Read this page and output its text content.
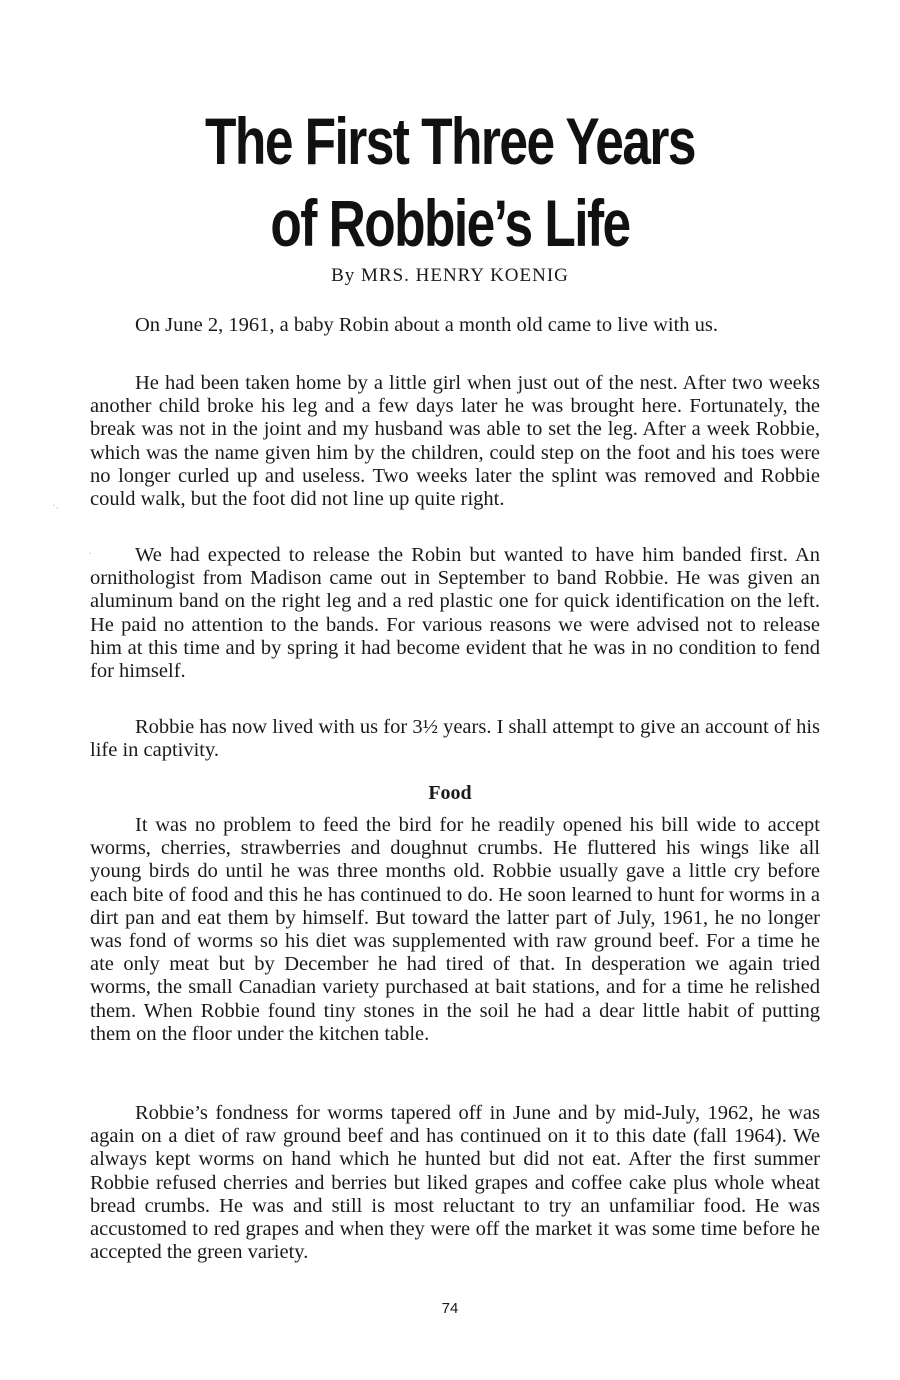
The First Three Years
of Robbie’s Life

By MRS. HENRY KOENIG

On June 2, 1961, a baby Robin about a month old came to live with us.

He had been taken home by a little girl when just out of the nest. After two weeks another child broke his leg and a few days later he was brought here. Fortunately, the break was not in the joint and my husband was able to set the leg. After a week Robbie, which was the name given him by the children, could step on the foot and his toes were no longer curled up and useless. Two weeks later the splint was removed and Robbie could walk, but the foot did not line up quite right.

We had expected to release the Robin but wanted to have him banded first. An ornithologist from Madison came out in September to band Robbie. He was given an aluminum band on the right leg and a red plastic one for quick identification on the left. He paid no attention to the bands. For various reasons we were advised not to release him at this time and by spring it had become evident that he was in no condition to fend for himself.

Robbie has now lived with us for 3½ years. I shall attempt to give an account of his life in captivity.

Food

It was no problem to feed the bird for he readily opened his bill wide to accept worms, cherries, strawberries and doughnut crumbs. He fluttered his wings like all young birds do until he was three months old. Robbie usually gave a little cry before each bite of food and this he has continued to do. He soon learned to hunt for worms in a dirt pan and eat them by himself. But toward the latter part of July, 1961, he no longer was fond of worms so his diet was supplemented with raw ground beef. For a time he ate only meat but by December he had tired of that. In desperation we again tried worms, the small Canadian variety purchased at bait stations, and for a time he relished them. When Robbie found tiny stones in the soil he had a dear little habit of putting them on the floor under the kitchen table.

Robbie’s fondness for worms tapered off in June and by mid-July, 1962, he was again on a diet of raw ground beef and has continued on it to this date (fall 1964). We always kept worms on hand which he hunted but did not eat. After the first summer Robbie refused cherries and berries but liked grapes and coffee cake plus whole wheat bread crumbs. He was and still is most reluctant to try an unfamiliar food. He was accustomed to red grapes and when they were off the market it was some time before he accepted the green variety.

74
·.
·
